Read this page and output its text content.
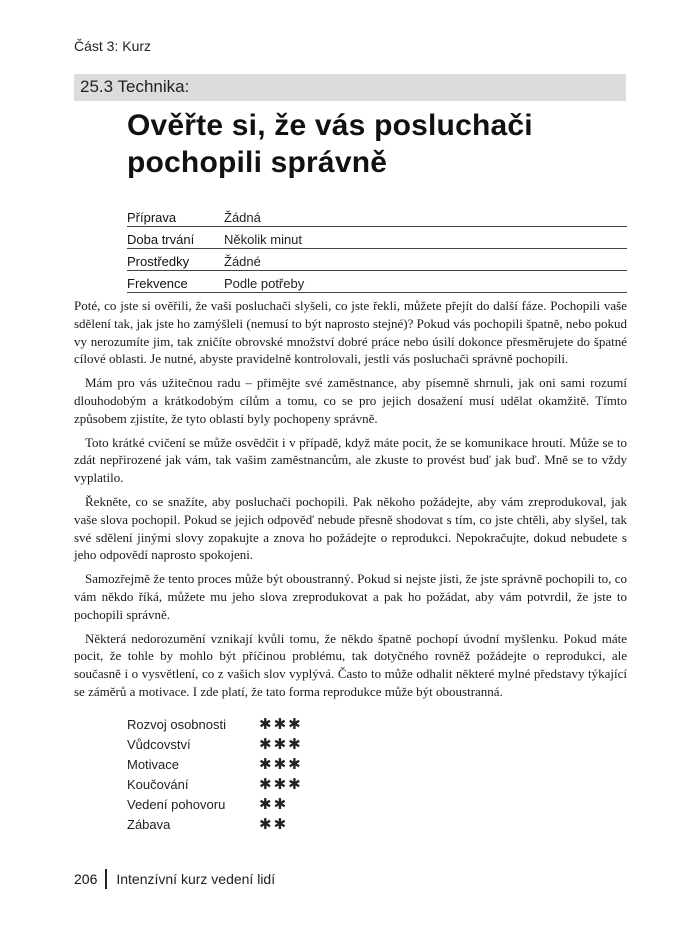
Část 3: Kurz
25.3 Technika:
Ověřte si, že vás posluchači
pochopili správně
Příprava	Žádná
Doba trvání	Několik minut
Prostředky	Žádné
Frekvence	Podle potřeby

Poté, co jste si ověřili, že vaši posluchači slyšeli, co jste řekli, můžete přejít do další fáze. Pochopili vaše sdělení tak, jak jste ho zamýšleli (nemusí to být naprosto stejné)? Pokud vás pochopili špatně, nebo pokud vy nerozumíte jim, tak zničíte obrovské množství dobré práce nebo úsilí dokonce přesměrujete do špatné cílové oblasti. Je nutné, abyste pravidelně kontrolovali, jestli vás posluchači správně pochopili.

Mám pro vás užitečnou radu – přimějte své zaměstnance, aby písemně shrnuli, jak oni sami rozumí dlouhodobým a krátkodobým cílům a tomu, co se pro jejich dosažení musí udělat okamžitě. Tímto způsobem zjistíte, že tyto oblasti byly pochopeny správně.

Toto krátké cvičení se může osvědčit i v případě, když máte pocit, že se komunikace hroutí. Může se to zdát nepřirozené jak vám, tak vašim zaměstnancům, ale zkuste to provést buď jak buď. Mně se to vždy vyplatilo.

Řekněte, co se snažíte, aby posluchači pochopili. Pak někoho požádejte, aby vám zreprodukoval, jak vaše slova pochopil. Pokud se jejich odpověď nebude přesně shodovat s tím, co jste chtěli, aby slyšel, tak své sdělení jinými slovy zopakujte a znova ho požádejte o reprodukci. Nepokračujte, dokud nebudete s jeho odpovědí naprosto spokojeni.

Samozřejmě že tento proces může být oboustranný. Pokud si nejste jisti, že jste správně pochopili to, co vám někdo říká, můžete mu jeho slova zreprodukovat a pak ho požádat, aby vám potvrdil, že jste to pochopili správně.

Některá nedorozumění vznikají kvůli tomu, že někdo špatně pochopí úvodní myšlenku. Pokud máte pocit, že tohle by mohlo být příčinou problému, tak dotyčného rovněž požádejte o reprodukci, ale současně i o vysvětlení, co z vašich slov vyplývá. Často to může odhalit některé mylné představy týkající se záměrů a motivace. I zde platí, že tato forma reprodukce může být oboustranná.

Rozvoj osobnosti	✱✱✱
Vůdcovství	✱✱✱
Motivace	✱✱✱
Koučování	✱✱✱
Vedení pohovoru	✱✱
Zábava	✱✱
206 Intenzívní kurz vedení lidí
